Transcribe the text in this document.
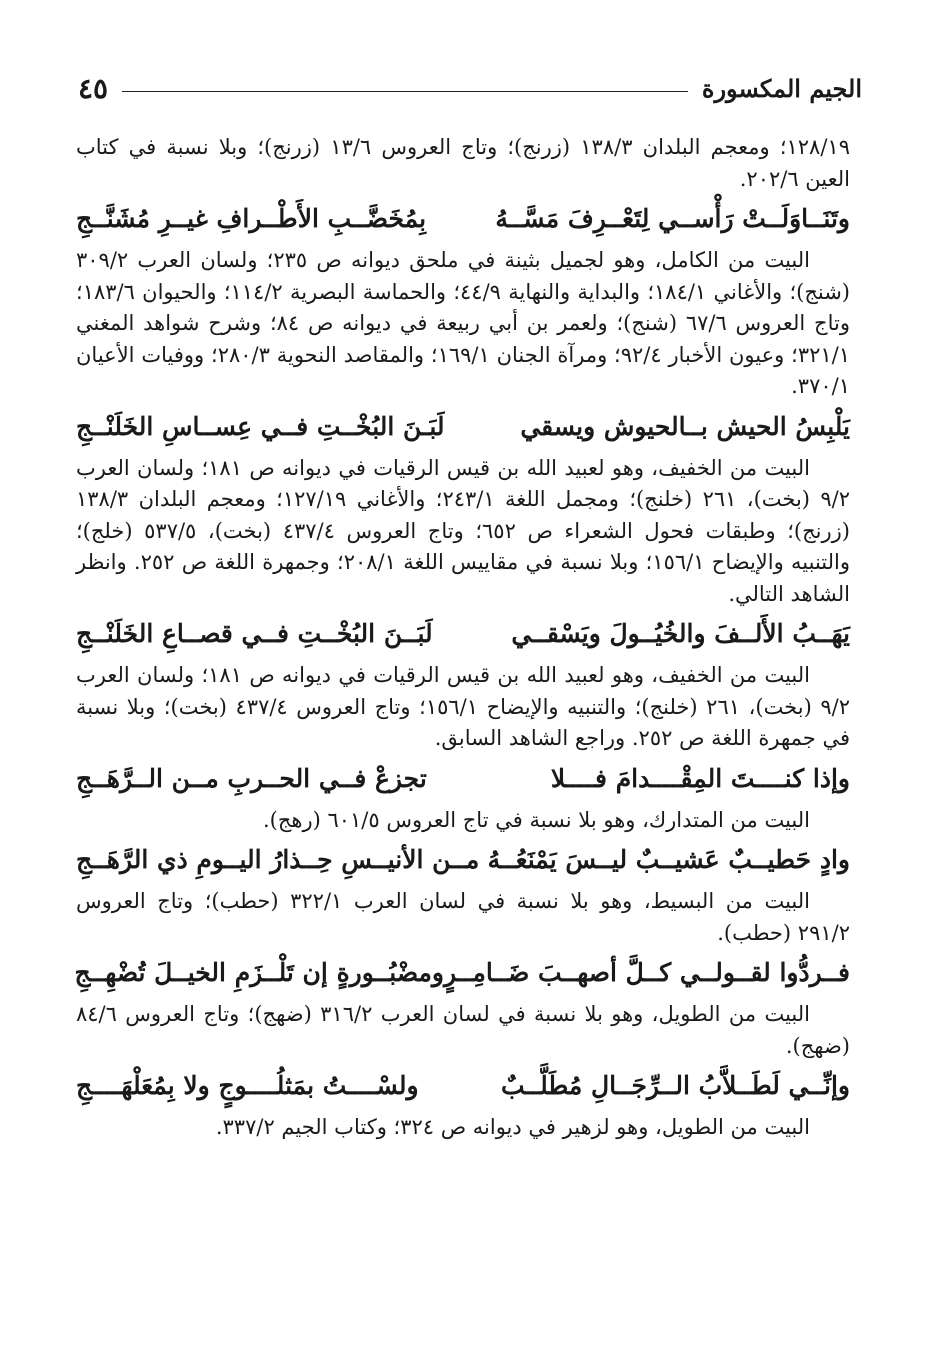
الجيم المكسورة
٤٥

١٢٨/١٩؛ ومعجم البلدان ١٣٨/٣ (زرنج)؛ وتاج العروس ١٣/٦ (زرنج)؛ وبلا نسبة في كتاب العين ٢٠٢/٦.

وتَنَــاوَلَــتْ رَأْســي لِتَعْــرِفَ مَسَّــهُ
بِمُخَضَّــبِ الأَطْــرافِ غيــرِ مُشَنَّــجِ

البيت من الكامل، وهو لجميل بثينة في ملحق ديوانه ص ٢٣٥؛ ولسان العرب ٣٠٩/٢ (شنج)؛ والأغاني ١٨٤/١؛ والبداية والنهاية ٤٤/٩؛ والحماسة البصرية ١١٤/٢؛ والحيوان ١٨٣/٦؛ وتاج العروس ٦٧/٦ (شنج)؛ ولعمر بن أبي ربيعة في ديوانه ص ٨٤؛ وشرح شواهد المغني ٣٢١/١؛ وعيون الأخبار ٩٢/٤؛ ومرآة الجنان ١٦٩/١؛ والمقاصد النحوية ٢٨٠/٣؛ ووفيات الأعيان ٣٧٠/١.

يَلْبِسُ الحيش بــالحيوش ويسقي
لَبَـنَ البُخْــتِ فــي عِســاسِ الخَلَنْــجِ

البيت من الخفيف، وهو لعبيد الله بن قيس الرقيات في ديوانه ص ١٨١؛ ولسان العرب ٩/٢ (بخت)، ٢٦١ (خلنج)؛ ومجمل اللغة ٢٤٣/١؛ والأغاني ١٢٧/١٩؛ ومعجم البلدان ١٣٨/٣ (زرنج)؛ وطبقات فحول الشعراء ص ٦٥٢؛ وتاج العروس ٤٣٧/٤ (بخت)، ٥٣٧/٥ (خلج)؛ والتنبيه والإيضاح ١٥٦/١؛ وبلا نسبة في مقاييس اللغة ٢٠٨/١؛ وجمهرة اللغة ص ٢٥٢. وانظر الشاهد التالي.

يَهَــبُ الأَلــفَ والخُيُــولَ ويَسْقــي
لَبَــنَ البُخْــتِ فــي قصــاعِ الخَلَنْــجِ

البيت من الخفيف، وهو لعبيد الله بن قيس الرقيات في ديوانه ص ١٨١؛ ولسان العرب ٩/٢ (بخت)، ٢٦١ (خلنج)؛ والتنبيه والإيضاح ١٥٦/١؛ وتاج العروس ٤٣٧/٤ (بخت)؛ وبلا نسبة في جمهرة اللغة ص ٢٥٢. وراجع الشاهد السابق.

وإذا كنــــتَ المِقْــــدامَ فــــلا
تجزعْ فــي الحــربِ مــن الــرَّهَــجِ

البيت من المتدارك، وهو بلا نسبة في تاج العروس ٦٠١/٥ (رهج).

وادٍ حَطيــبٌ عَشيــبٌ ليــسَ يَمْنَعُــهُ
مــن الأنيــسِ حِــذارُ اليــومِ ذي الرَّهَــجِ

البيت من البسيط، وهو بلا نسبة في لسان العرب ٣٢٢/١ (حطب)؛ وتاج العروس ٢٩١/٢ (حطب).

فــردُّوا لقــولــي كــلَّ أصهــبَ ضَــامِــرٍ
ومضْبُــورةٍ إن تَلْــزَمِ الخيــلَ تُضْهِــجِ

البيت من الطويل، وهو بلا نسبة في لسان العرب ٣١٦/٢ (ضهج)؛ وتاج العروس ٨٤/٦ (ضهج).

وإنِّــي لَطَــلاَّبُ الــرِّجَــالِ مُطَلَّــبٌ
ولسْــــتُ بمَثلُــــوجٍ ولا بِمُعَلْهَــــجِ

البيت من الطويل، وهو لزهير في ديوانه ص ٣٢٤؛ وكتاب الجيم ٣٣٧/٢.
